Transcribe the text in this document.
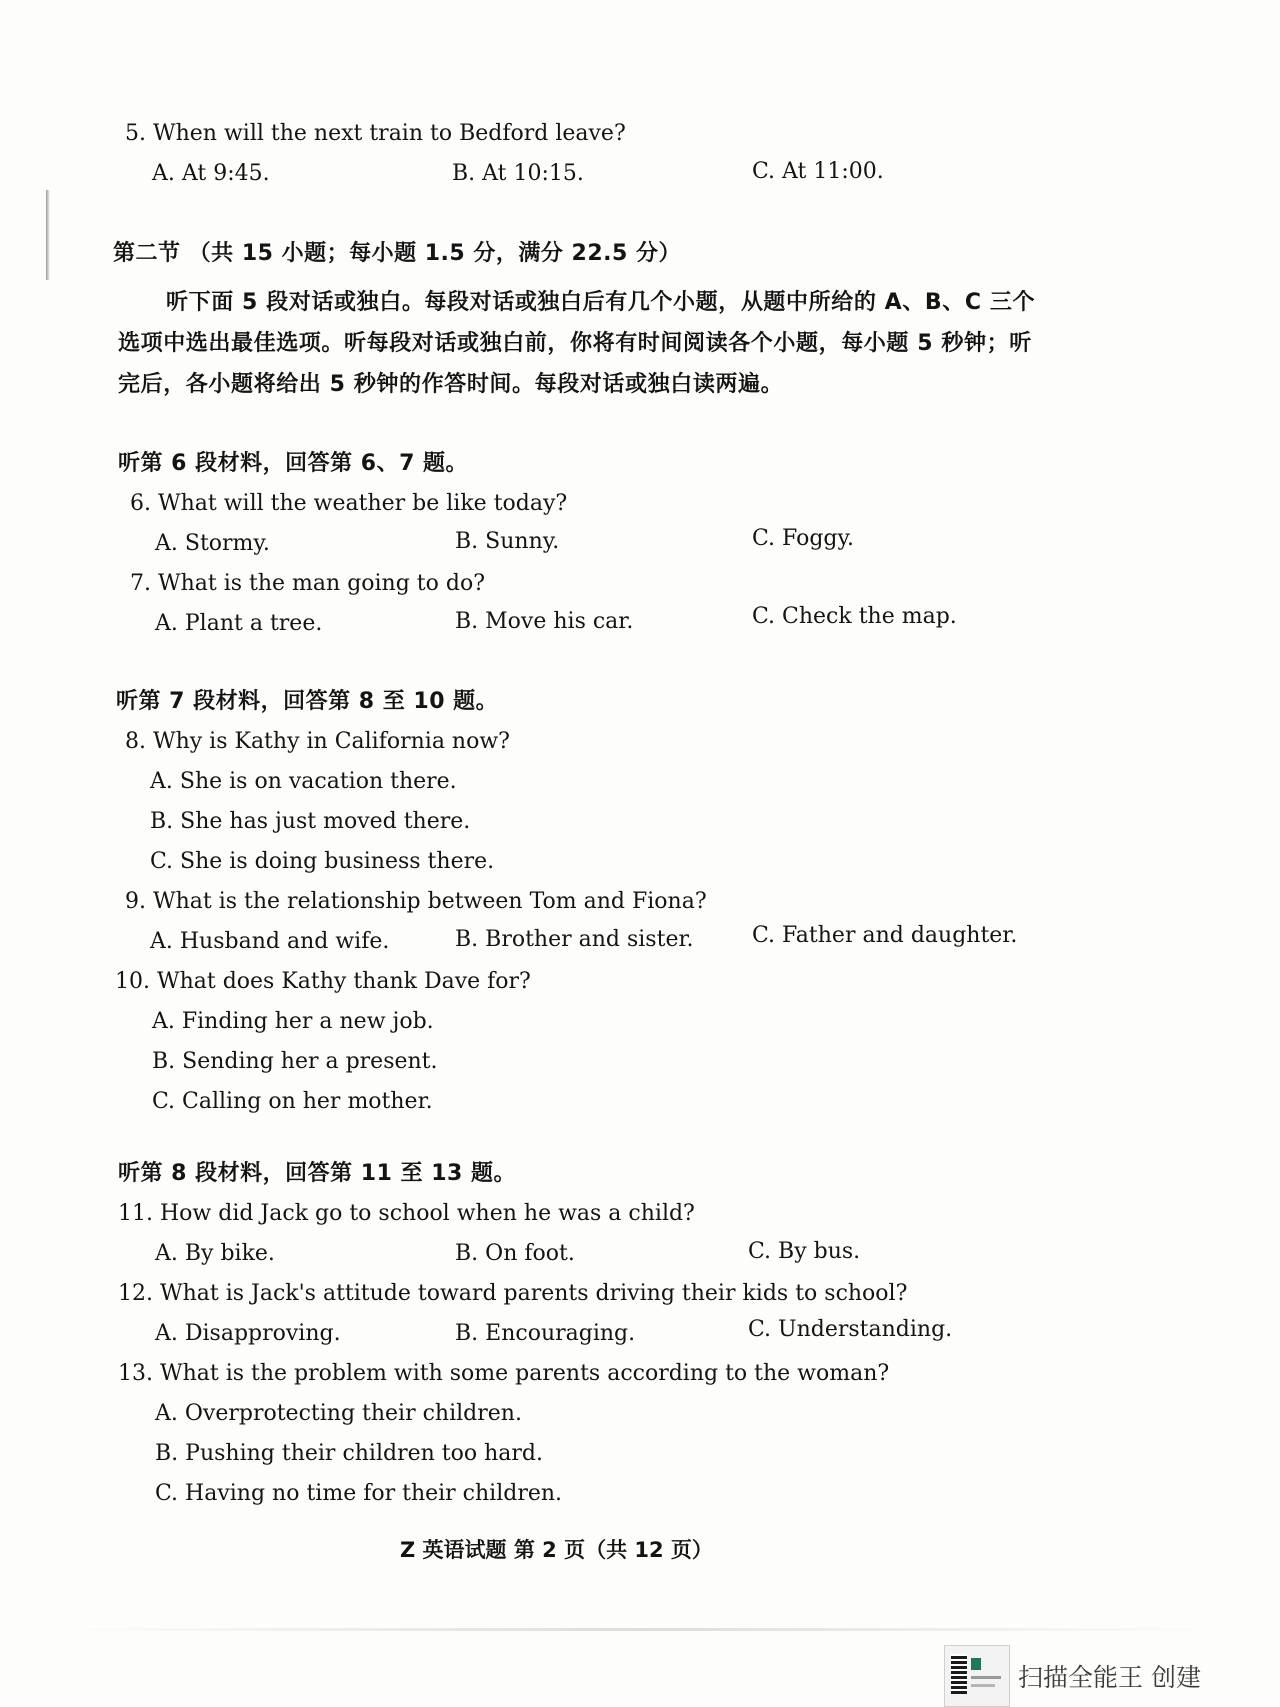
5. When will the next train to Bedford leave?
A. At 9:45.	B. At 10:15.	C. At 11:00.
第二节 （共 15 小题；每小题 1.5 分，满分 22.5 分）
听下面 5 段对话或独白。每段对话或独白后有几个小题，从题中所给的 A、B、C 三个选项中选出最佳选项。听每段对话或独白前，你将有时间阅读各个小题，每小题 5 秒钟；听完后，各小题将给出 5 秒钟的作答时间。每段对话或独白读两遍。
听第 6 段材料，回答第 6、7 题。
6. What will the weather be like today?
A. Stormy.	B. Sunny.	C. Foggy.
7. What is the man going to do?
A. Plant a tree.	B. Move his car.	C. Check the map.
听第 7 段材料，回答第 8 至 10 题。
8. Why is Kathy in California now?
A. She is on vacation there.
B. She has just moved there.
C. She is doing business there.
9. What is the relationship between Tom and Fiona?
A. Husband and wife.	B. Brother and sister.	C. Father and daughter.
10. What does Kathy thank Dave for?
A. Finding her a new job.
B. Sending her a present.
C. Calling on her mother.
听第 8 段材料，回答第 11 至 13 题。
11. How did Jack go to school when he was a child?
A. By bike.	B. On foot.	C. By bus.
12. What is Jack's attitude toward parents driving their kids to school?
A. Disapproving.	B. Encouraging.	C. Understanding.
13. What is the problem with some parents according to the woman?
A. Overprotecting their children.
B. Pushing their children too hard.
C. Having no time for their children.
Z 英语试题 第 2 页（共 12 页）
扫描全能王 创建
